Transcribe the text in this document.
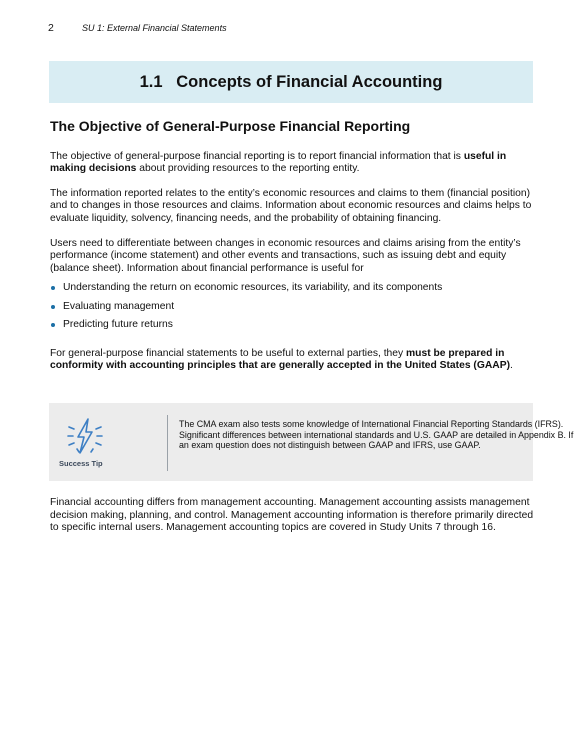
2	SU 1: External Financial Statements
1.1   Concepts of Financial Accounting
The Objective of General-Purpose Financial Reporting

The objective of general-purpose financial reporting is to report financial information that is useful in making decisions about providing resources to the reporting entity.

The information reported relates to the entity’s economic resources and claims to them (financial position) and to changes in those resources and claims. Information about economic resources and claims helps to evaluate liquidity, solvency, financing needs, and the probability of obtaining financing.

Users need to differentiate between changes in economic resources and claims arising from the entity’s performance (income statement) and other events and transactions, such as issuing debt and equity (balance sheet). Information about financial performance is useful for

Understanding the return on economic resources, its variability, and its components
Evaluating management
Predicting future returns

For general-purpose financial statements to be useful to external parties, they must be prepared in conformity with accounting principles that are generally accepted in the United States (GAAP).

Success Tip
The CMA exam also tests some knowledge of International Financial Reporting Standards (IFRS). Significant differences between international standards and U.S. GAAP are detailed in Appendix B. If an exam question does not distinguish between GAAP and IFRS, use GAAP.

Financial accounting differs from management accounting. Management accounting assists management decision making, planning, and control. Management accounting information is therefore primarily directed to specific internal users. Management accounting topics are covered in Study Units 7 through 16.
